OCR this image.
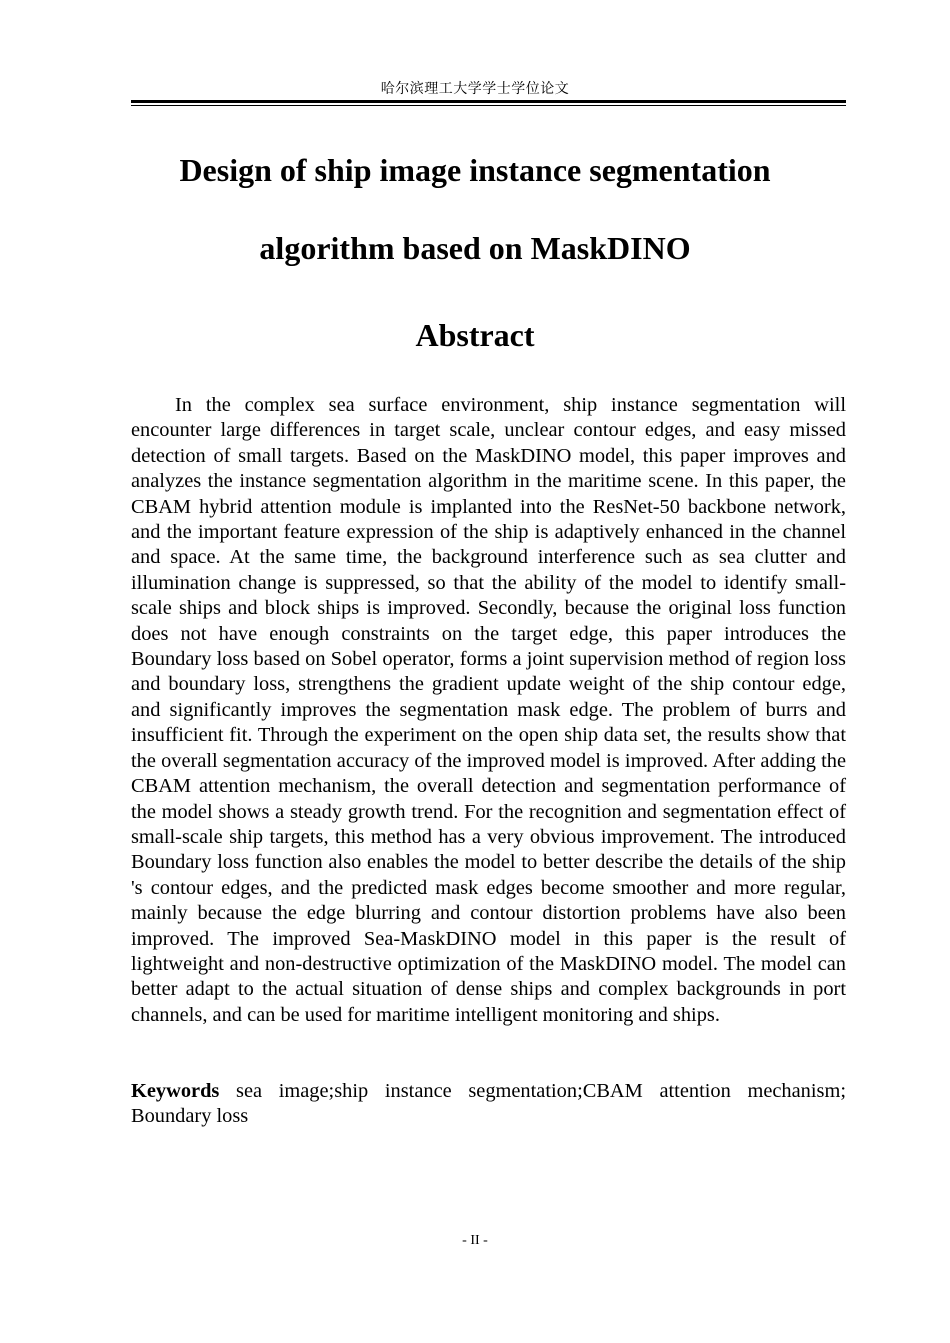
哈尔滨理工大学学士学位论文
Design of ship image instance segmentation
algorithm based on MaskDINO
Abstract

In the complex sea surface environment, ship instance segmentation will encounter large differences in target scale, unclear contour edges, and easy missed detection of small targets. Based on the MaskDINO model, this paper improves and analyzes the instance segmentation algorithm in the maritime scene. In this paper, the CBAM hybrid attention module is implanted into the ResNet-50 backbone network, and the important feature expression of the ship is adaptively enhanced in the channel and space. At the same time, the background interference such as sea clutter and illumination change is suppressed, so that the ability of the model to identify small-scale ships and block ships is improved. Secondly, because the original loss function does not have enough constraints on the target edge, this paper introduces the Boundary loss based on Sobel operator, forms a joint supervision method of region loss and boundary loss, strengthens the gradient update weight of the ship contour edge, and significantly improves the segmentation mask edge. The problem of burrs and insufficient fit. Through the experiment on the open ship data set, the results show that the overall segmentation accuracy of the improved model is improved. After adding the CBAM attention mechanism, the overall detection and segmentation performance of the model shows a steady growth trend. For the recognition and segmentation effect of small-scale ship targets, this method has a very obvious improvement. The introduced Boundary loss function also enables the model to better describe the details of the ship 's contour edges, and the predicted mask edges become smoother and more regular, mainly because the edge blurring and contour distortion problems have also been improved. The improved Sea-MaskDINO model in this paper is the result of lightweight and non-destructive optimization of the MaskDINO model. The model can better adapt to the actual situation of dense ships and complex backgrounds in port channels, and can be used for maritime intelligent monitoring and ships.

Keywords sea image;ship instance segmentation;CBAM attention mechanism; Boundary loss

- II -
